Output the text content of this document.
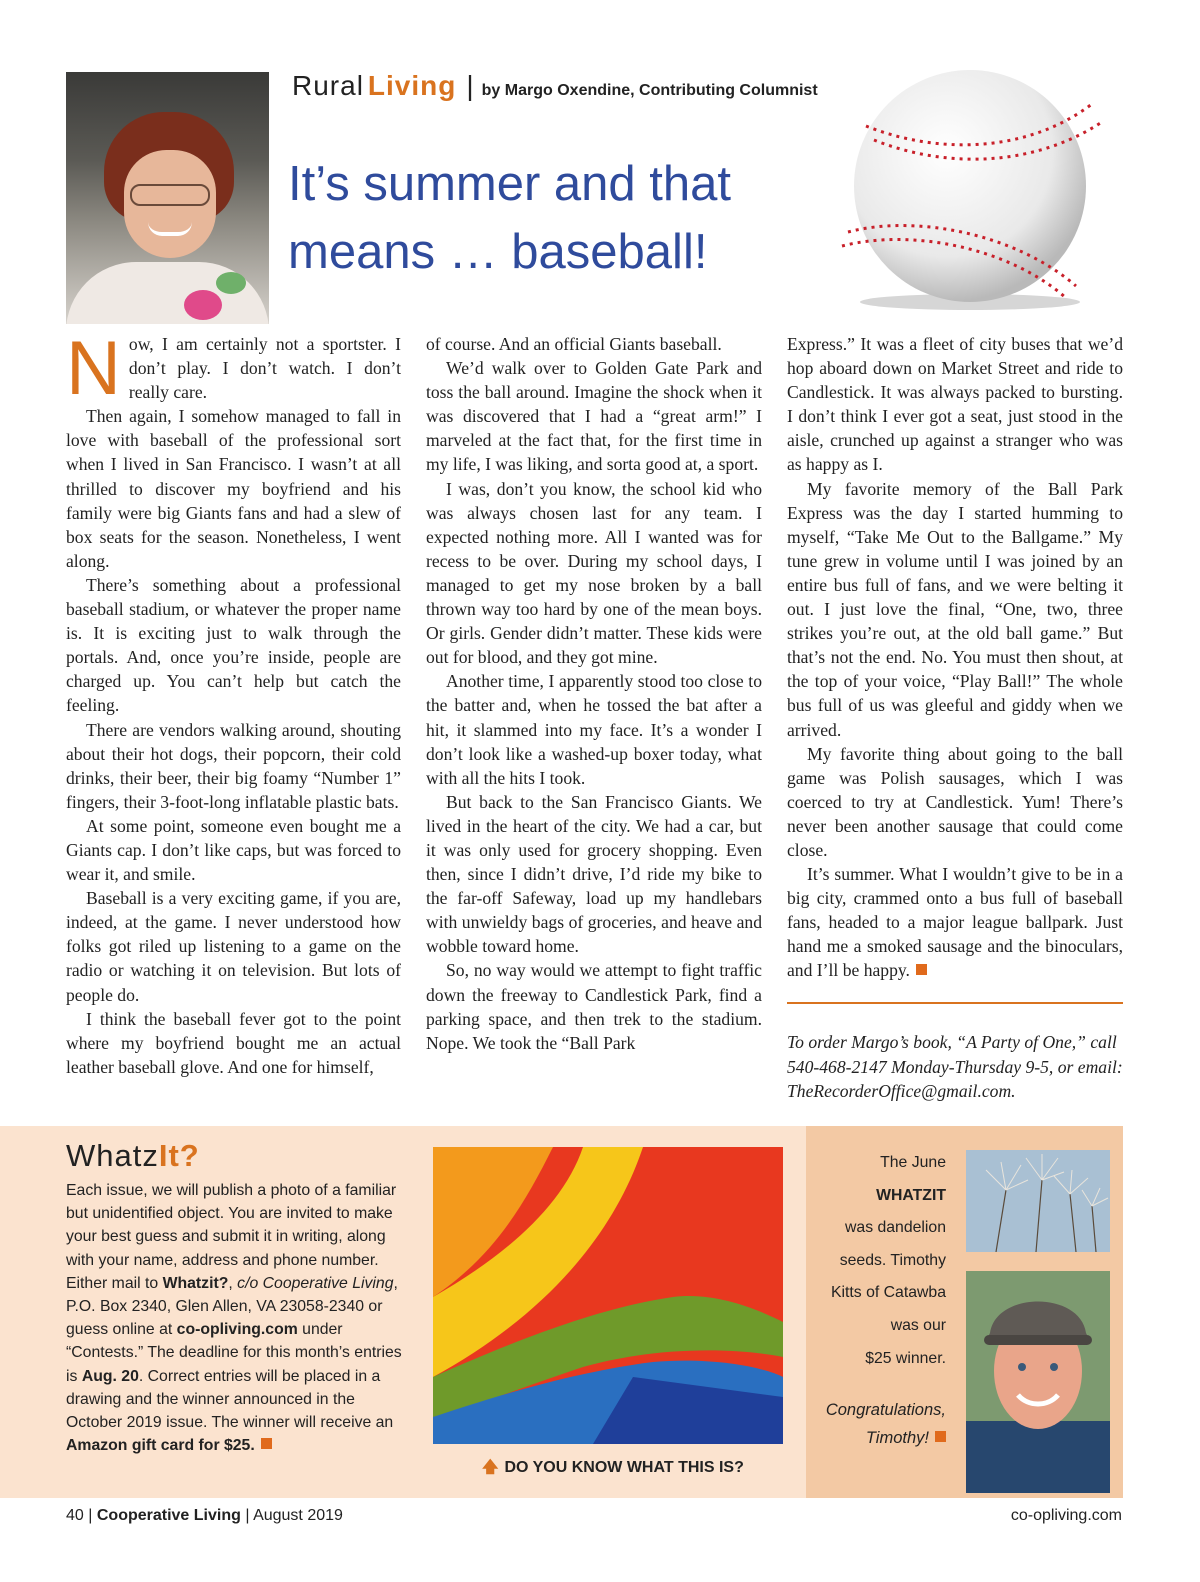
Rural Living | by Margo Oxendine, Contributing Columnist
It’s summer and that
means … baseball!

Now, I am certainly not a sportster. I don’t play. I don’t watch. I don’t really care.

Then again, I somehow managed to fall in love with baseball of the professional sort when I lived in San Francisco. I wasn’t at all thrilled to discover my boyfriend and his family were big Giants fans and had a slew of box seats for the season. Nonetheless, I went along.

There’s something about a professional baseball stadium, or whatever the proper name is. It is exciting just to walk through the portals. And, once you’re inside, people are charged up. You can’t help but catch the feeling.

There are vendors walking around, shouting about their hot dogs, their popcorn, their cold drinks, their beer, their big foamy “Number 1” fingers, their 3-foot-long inflatable plastic bats.

At some point, someone even bought me a Giants cap. I don’t like caps, but was forced to wear it, and smile.

Baseball is a very exciting game, if you are, indeed, at the game. I never understood how folks got riled up listening to a game on the radio or watching it on television. But lots of people do.

I think the baseball fever got to the point where my boyfriend bought me an actual leather baseball glove. And one for himself,

of course. And an official Giants baseball.

We’d walk over to Golden Gate Park and toss the ball around. Imagine the shock when it was discovered that I had a “great arm!” I marveled at the fact that, for the first time in my life, I was liking, and sorta good at, a sport.

I was, don’t you know, the school kid who was always chosen last for any team. I expected nothing more. All I wanted was for recess to be over. During my school days, I managed to get my nose broken by a ball thrown way too hard by one of the mean boys. Or girls. Gender didn’t matter. These kids were out for blood, and they got mine.

Another time, I apparently stood too close to the batter and, when he tossed the bat after a hit, it slammed into my face. It’s a wonder I don’t look like a washed-up boxer today, what with all the hits I took.

But back to the San Francisco Giants. We lived in the heart of the city. We had a car, but it was only used for grocery shopping. Even then, since I didn’t drive, I’d ride my bike to the far-off Safeway, load up my handlebars with unwieldy bags of groceries, and heave and wobble toward home.

So, no way would we attempt to fight traffic down the freeway to Candlestick Park, find a parking space, and then trek to the stadium. Nope. We took the “Ball Park

Express.” It was a fleet of city buses that we’d hop aboard down on Market Street and ride to Candlestick. It was always packed to bursting. I don’t think I ever got a seat, just stood in the aisle, crunched up against a stranger who was as happy as I.

My favorite memory of the Ball Park Express was the day I started humming to myself, “Take Me Out to the Ballgame.” My tune grew in volume until I was joined by an entire bus full of fans, and we were belting it out. I just love the final, “One, two, three strikes you’re out, at the old ball game.” But that’s not the end. No. You must then shout, at the top of your voice, “Play Ball!” The whole bus full of us was gleeful and giddy when we arrived.

My favorite thing about going to the ball game was Polish sausages, which I was coerced to try at Candlestick. Yum! There’s never been another sausage that could come close.

It’s summer. What I wouldn’t give to be in a big city, crammed onto a bus full of baseball fans, headed to a major league ballpark. Just hand me a smoked sausage and the binoculars, and I’ll be happy.

To order Margo’s book, “A Party of One,” call 540-468-2147 Monday-Thursday 9-5, or email: TheRecorderOffice@gmail.com.

WhatzIt?

Each issue, we will publish a photo of a familiar but unidentified object. You are invited to make your best guess and submit it in writing, along with your name, address and phone number. Either mail to Whatzit?, c/o Cooperative Living, P.O. Box 2340, Glen Allen, VA 23058-2340 or guess online at co-opliving.com under “Contests.” The deadline for this month’s entries is Aug. 20. Correct entries will be placed in a drawing and the winner announced in the October 2019 issue. The winner will receive an Amazon gift card for $25.

🡅 DO YOU KNOW WHAT THIS IS?
The June
WHATZIT
was dandelion
seeds. Timothy
Kitts of Catawba
was our
$25 winner.
Congratulations,
Timothy!
40 | Cooperative Living | August 2019	co-opliving.com
